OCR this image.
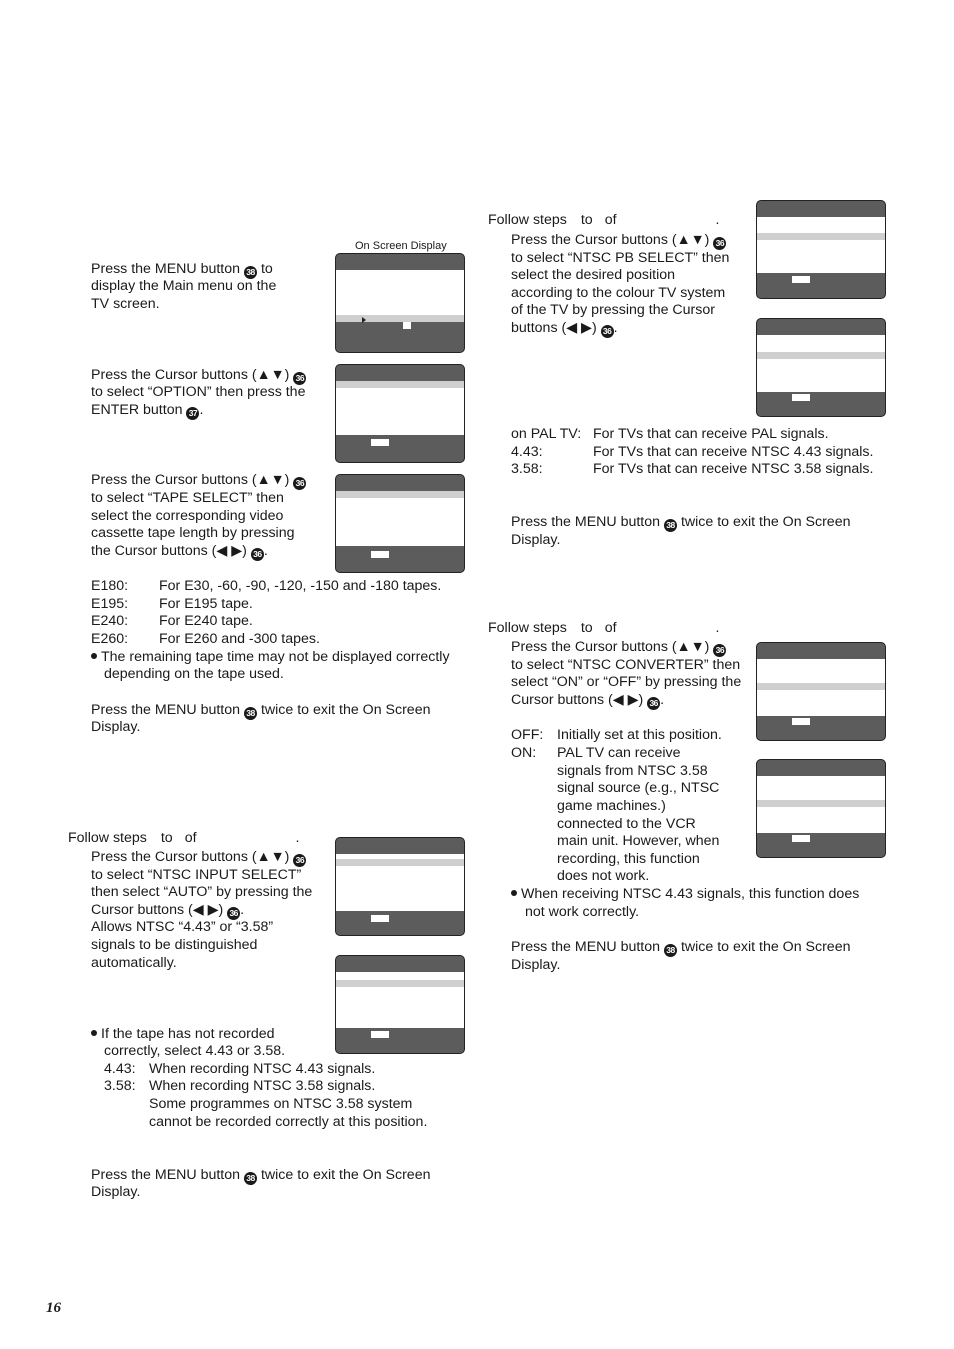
On Screen Display
Press the MENU button 38 to
display the Main menu on the
TV screen.
Press the Cursor buttons (▲▼) 36
to select “OPTION” then press the
ENTER button 37 .
Press the Cursor buttons (▲▼) 36
to select “TAPE SELECT” then
select the corresponding video
cassette tape length by pressing
the Cursor buttons (◀ ▶) 36 .
E180: For E30, -60, -90, -120, -150 and -180 tapes.
E195: For E195 tape.
E240: For E240 tape.
E260: For E260 and -300 tapes.
The remaining tape time may not be displayed correctly
depending on the tape used.
Press the MENU button 38 twice to exit the On Screen
Display.
Follow steps to of	.
Press the Cursor buttons (▲▼) 36
to select “NTSC INPUT SELECT”
then select “AUTO” by pressing the
Cursor buttons (◀ ▶) 36 .
Allows NTSC “4.43” or “3.58”
signals to be distinguished
automatically.
If the tape has not recorded
correctly, select 4.43 or 3.58.
4.43: When recording NTSC 4.43 signals.
3.58: When recording NTSC 3.58 signals.
Some programmes on NTSC 3.58 system
cannot be recorded correctly at this position.
Press the MENU button 38 twice to exit the On Screen
Display.
16
Follow steps to of	.
Press the Cursor buttons (▲▼) 36
to select “NTSC PB SELECT” then
select the desired position
according to the colour TV system
of the TV by pressing the Cursor
buttons (◀ ▶) 36 .
on PAL TV: For TVs that can receive PAL signals.
4.43:	For TVs that can receive NTSC 4.43 signals.
3.58:	For TVs that can receive NTSC 3.58 signals.
Press the MENU button 38 twice to exit the On Screen
Display.
Follow steps to of	.
Press the Cursor buttons (▲▼) 36
to select “NTSC CONVERTER” then
select “ON” or “OFF” by pressing the
Cursor buttons (◀ ▶) 36 .
OFF: Initially set at this position.
ON: PAL TV can receive
signals from NTSC 3.58
signal source (e.g., NTSC
game machines.)
connected to the VCR
main unit. However, when
recording, this function
does not work.
When receiving NTSC 4.43 signals, this function does
not work correctly.
Press the MENU button 38 twice to exit the On Screen
Display.
